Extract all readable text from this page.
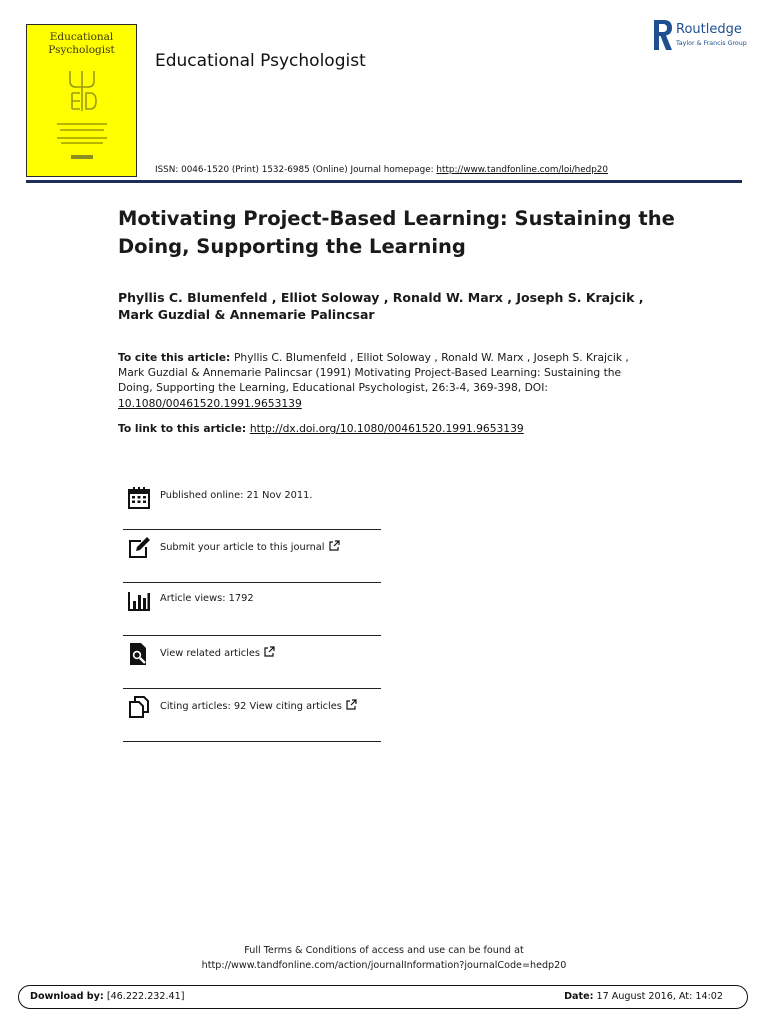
Educational
Psychologist
Educational Psychologist
Routledge
Taylor & Francis Group
ISSN: 0046-1520 (Print) 1532-6985 (Online) Journal homepage: http://www.tandfonline.com/loi/hedp20
Motivating Project-Based Learning: Sustaining the Doing, Supporting the Learning
Phyllis C. Blumenfeld , Elliot Soloway , Ronald W. Marx , Joseph S. Krajcik , Mark Guzdial & Annemarie Palincsar
To cite this article: Phyllis C. Blumenfeld , Elliot Soloway , Ronald W. Marx , Joseph S. Krajcik , Mark Guzdial & Annemarie Palincsar (1991) Motivating Project-Based Learning: Sustaining the Doing, Supporting the Learning, Educational Psychologist, 26:3-4, 369-398, DOI: 10.1080/00461520.1991.9653139
To link to this article: http://dx.doi.org/10.1080/00461520.1991.9653139
Published online: 21 Nov 2011.
Submit your article to this journal
Article views: 1792
View related articles
Citing articles: 92 View citing articles
Full Terms & Conditions of access and use can be found at
http://www.tandfonline.com/action/journalInformation?journalCode=hedp20
Download by: [46.222.232.41]	Date: 17 August 2016, At: 14:02
